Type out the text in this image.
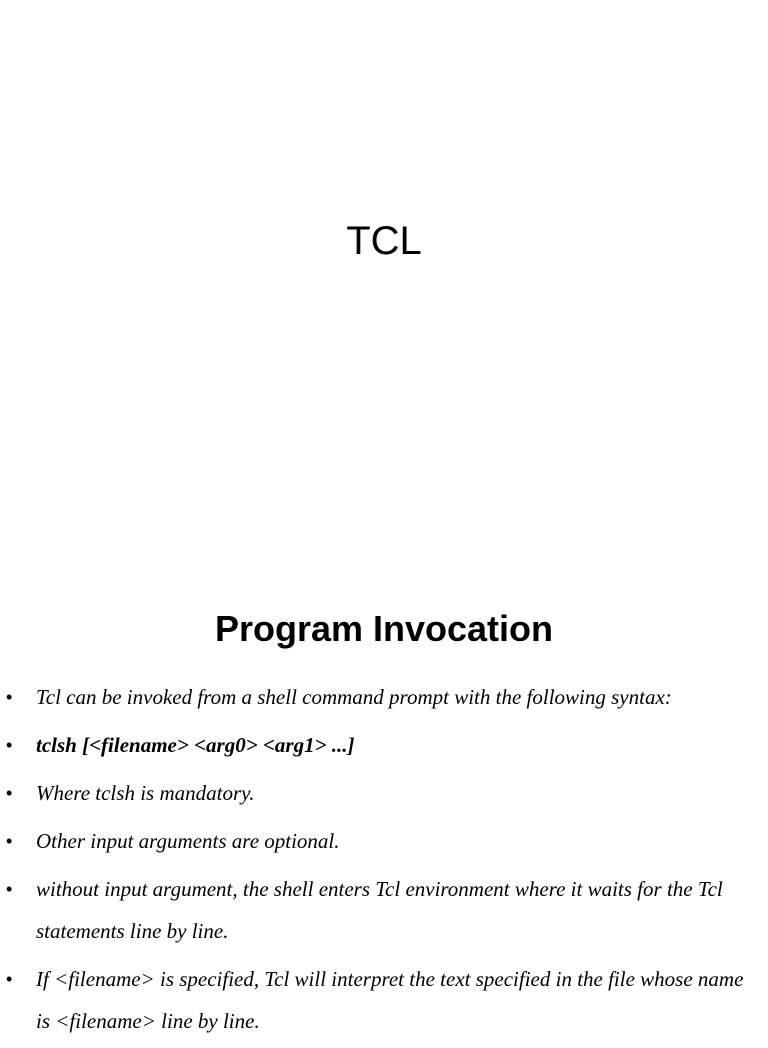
TCL
Program Invocation
• Tcl can be invoked from a shell command prompt with the following syntax:
• tclsh [<filename> <arg0> <arg1> ...]
• Where tclsh is mandatory.
• Other input arguments are optional.
• without input argument, the shell enters Tcl environment where it waits for the Tcl statements line by line.
• If <filename> is specified, Tcl will interpret the text specified in the file whose name is <filename> line by line.
